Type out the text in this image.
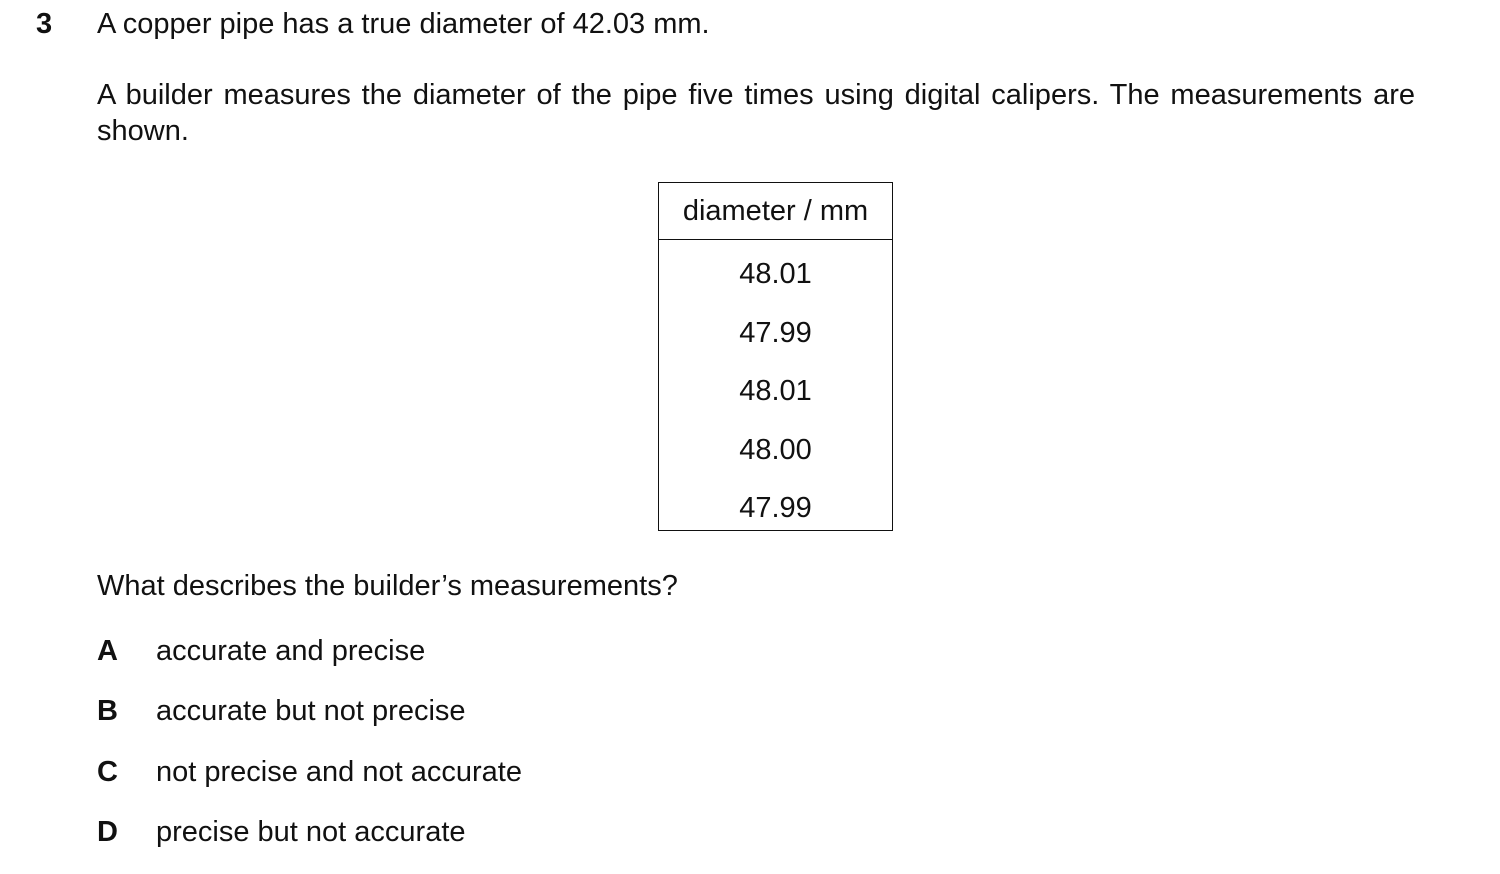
3 A copper pipe has a true diameter of 42.03 mm.
A builder measures the diameter of the pipe five times using digital calipers. The measurements are shown.
diameter / mm
48.01
47.99
48.01
48.00
47.99
What describes the builder’s measurements?
A	accurate and precise
B	accurate but not precise
C	not precise and not accurate
D	precise but not accurate
